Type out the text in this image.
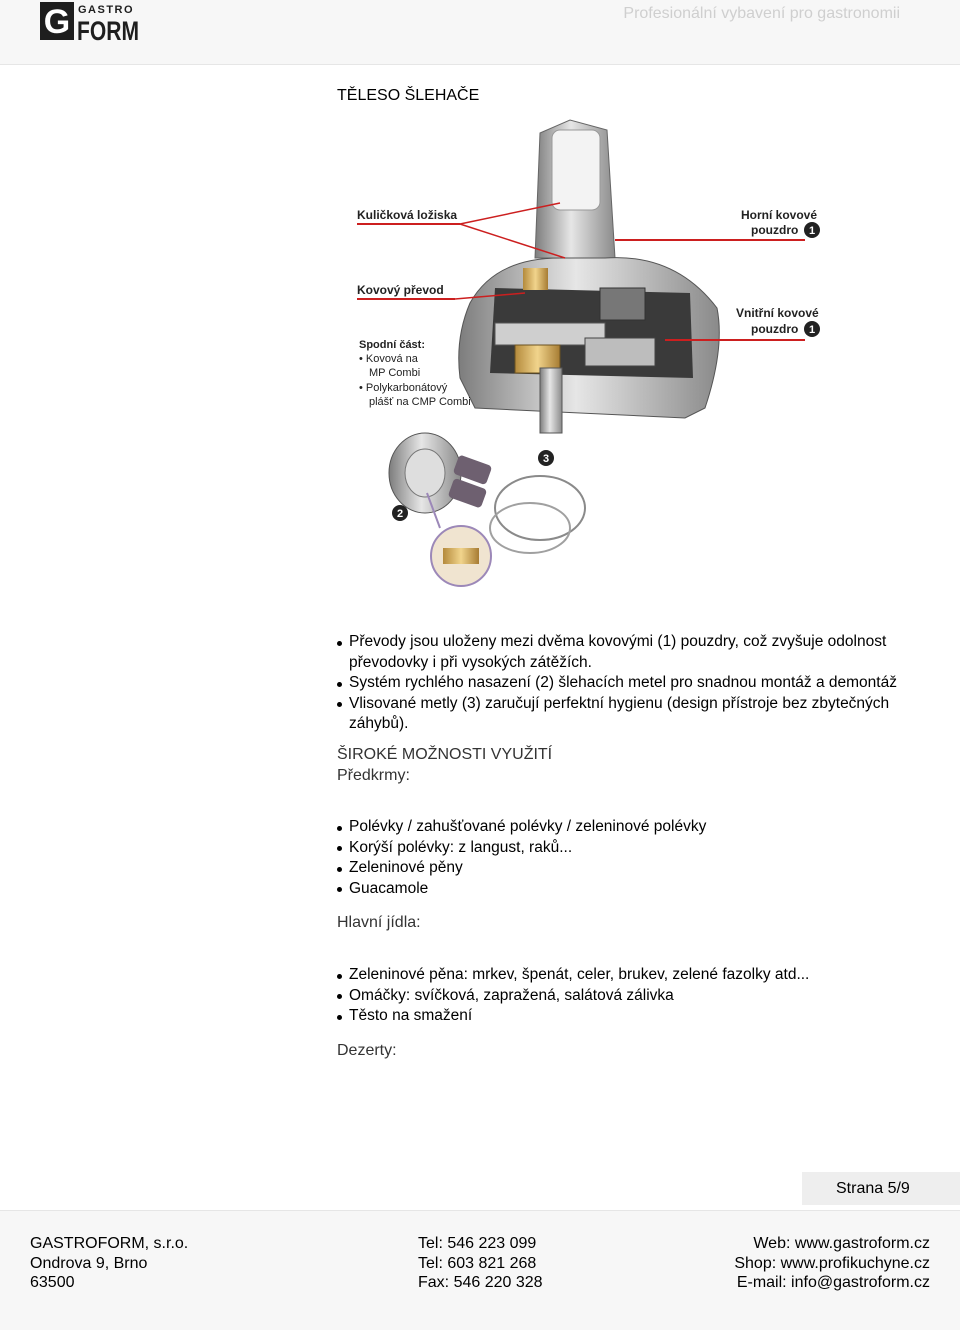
G GASTRO
FORM
Profesionální vybavení pro gastronomii
TĚLESO ŠLEHAČE
Kuličková ložiska
Kovový převod
Spodní část:
• Kovová na
MP Combi
• Polykarbonátový
plášť na CMP Combi
Horní kovové
pouzdro 1
Vnitřní kovové
pouzdro 1
3
2
Převody jsou uloženy mezi dvěma kovovými (1) pouzdry, což zvyšuje odolnost převodovky i při vysokých zátěžích.
Systém rychlého nasazení (2) šlehacích metel pro snadnou montáž a demontáž
Vlisované metly (3) zaručují perfektní hygienu (design přístroje bez zbytečných záhybů).
ŠIROKÉ MOŽNOSTI VYUŽITÍ
Předkrmy:
Polévky / zahušťované polévky / zeleninové polévky
Korýší polévky: z langust, raků...
Zeleninové pěny
Guacamole
Hlavní jídla:
Zeleninové pěna: mrkev, špenát, celer, brukev, zelené fazolky atd...
Omáčky: svíčková, zapražená, salátová zálivka
Těsto na smažení
Dezerty:
Strana 5/9
GASTROFORM, s.r.o.
Ondrova 9, Brno
63500
Tel: 546 223 099
Tel: 603 821 268
Fax: 546 220 328
Web: www.gastroform.cz
Shop: www.profikuchyne.cz
E-mail: info@gastroform.cz
